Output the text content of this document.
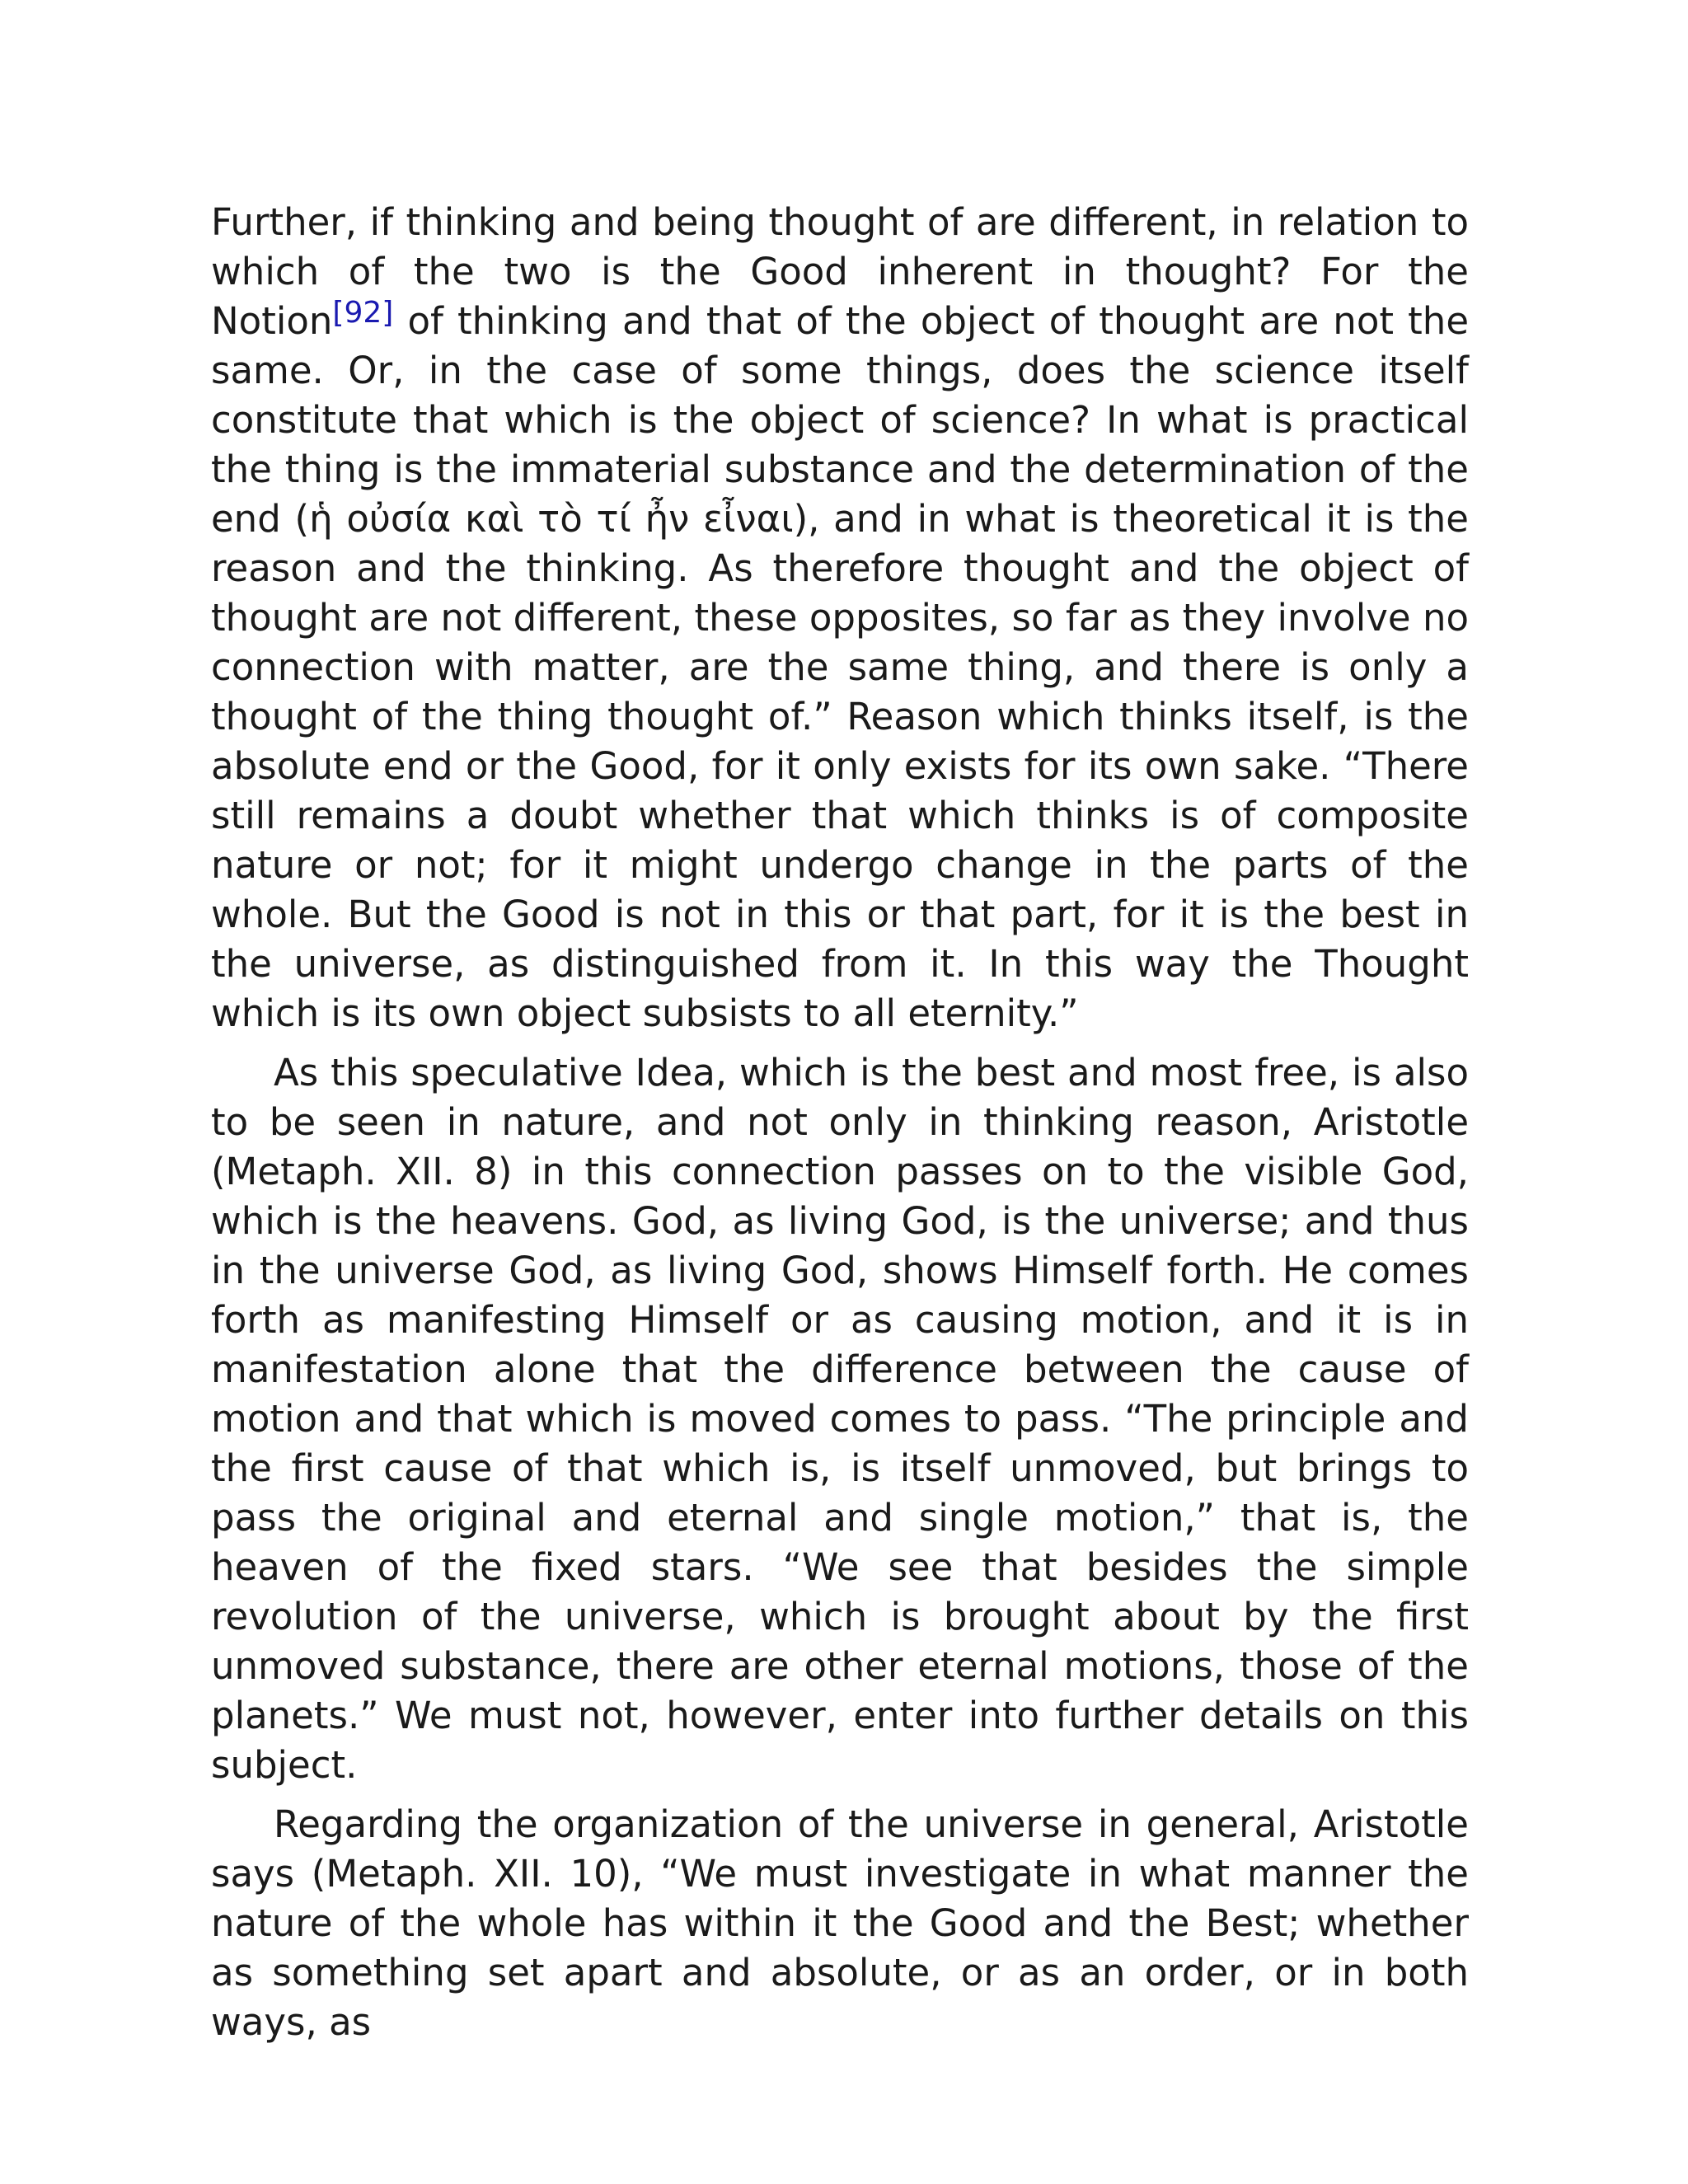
Further, if thinking and being thought of are different, in relation to which of the two is the Good inherent in thought? For the Notion[92] of thinking and that of the object of thought are not the same. Or, in the case of some things, does the science itself constitute that which is the object of science? In what is practical the thing is the immaterial substance and the determination of the end (ἡ οὐσία καὶ τὸ τί ἦν εἶναι), and in what is theoretical it is the reason and the thinking. As therefore thought and the object of thought are not different, these opposites, so far as they involve no connection with matter, are the same thing, and there is only a thought of the thing thought of.” Reason which thinks itself, is the absolute end or the Good, for it only exists for its own sake. “There still remains a doubt whether that which thinks is of composite nature or not; for it might undergo change in the parts of the whole. But the Good is not in this or that part, for it is the best in the universe, as distinguished from it. In this way the Thought which is its own object subsists to all eternity.”

As this speculative Idea, which is the best and most free, is also to be seen in nature, and not only in thinking reason, Aristotle (Metaph. XII. 8) in this connection passes on to the visible God, which is the heavens. God, as living God, is the universe; and thus in the universe God, as living God, shows Himself forth. He comes forth as manifesting Himself or as causing motion, and it is in manifestation alone that the difference between the cause of motion and that which is moved comes to pass. “The principle and the first cause of that which is, is itself unmoved, but brings to pass the original and eternal and single motion,” that is, the heaven of the fixed stars. “We see that besides the simple revolution of the universe, which is brought about by the first unmoved substance, there are other eternal motions, those of the planets.” We must not, however, enter into further details on this subject.

Regarding the organization of the universe in general, Aristotle says (Metaph. XII. 10), “We must investigate in what manner the nature of the whole has within it the Good and the Best; whether as something set apart and absolute, or as an order, or in both ways, as
